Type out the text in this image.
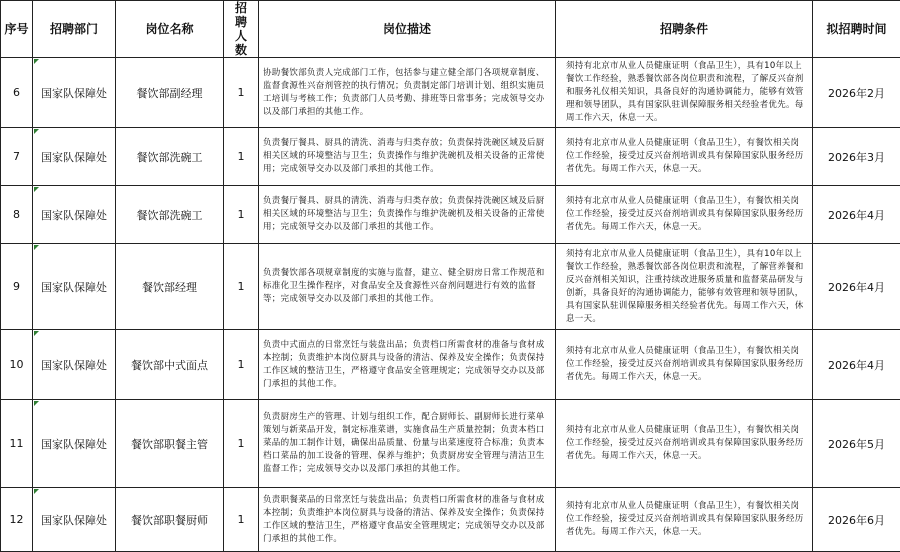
序号	招聘部门	岗位名称	招聘人数	岗位描述	招聘条件	拟招聘时间
6	国家队保障处	餐饮部副经理	1	协助餐饮部负责人完成部门工作，包括参与建立健全部门各项规章制度、监督食源性兴奋剂管控的执行情况；负责制定部门培训计划、组织实施员工培训与考核工作；负责部门人员考勤、排班等日常事务；完成领导交办以及部门承担的其他工作。	须持有北京市从业人员健康证明（食品卫生），具有10年以上餐饮工作经验，熟悉餐饮部各岗位职责和流程，了解反兴奋剂和服务礼仪相关知识，具备良好的沟通协调能力，能够有效管理和领导团队，具有国家队驻训保障服务相关经验者优先。每周工作六天，休息一天。	2026年2月
7	国家队保障处	餐饮部洗碗工	1	负责餐厅餐具、厨具的清洗、消毒与归类存放；负责保持洗碗区域及后厨相关区域的环境整洁与卫生；负责操作与维护洗碗机及相关设备的正常使用；完成领导交办以及部门承担的其他工作。	须持有北京市从业人员健康证明（食品卫生），有餐饮相关岗位工作经验，接受过反兴奋剂培训或具有保障国家队服务经历者优先。每周工作六天，休息一天。	2026年3月
8	国家队保障处	餐饮部洗碗工	1	负责餐厅餐具、厨具的清洗、消毒与归类存放；负责保持洗碗区域及后厨相关区域的环境整洁与卫生；负责操作与维护洗碗机及相关设备的正常使用；完成领导交办以及部门承担的其他工作。	须持有北京市从业人员健康证明（食品卫生），有餐饮相关岗位工作经验，接受过反兴奋剂培训或具有保障国家队服务经历者优先。每周工作六天，休息一天。	2026年4月
9	国家队保障处	餐饮部经理	1	负责餐饮部各项规章制度的实施与监督，建立、健全厨房日常工作规范和标准化卫生操作程序，对食品安全及食源性兴奋剂问题进行有效的监督等；完成领导交办以及部门承担的其他工作。	须持有北京市从业人员健康证明（食品卫生），具有10年以上餐饮工作经验，熟悉餐饮部各岗位职责和流程，了解营养餐和反兴奋剂相关知识，注重持续改进服务质量和监督菜品研发与创新，具备良好的沟通协调能力，能够有效管理和领导团队，具有国家队驻训保障服务相关经验者优先。每周工作六天，休息一天。	2026年4月
10	国家队保障处	餐饮部中式面点	1	负责中式面点的日常烹饪与装盘出品；负责档口所需食材的准备与食材成本控制；负责维护本岗位厨具与设备的清洁、保养及安全操作；负责保持工作区域的整洁卫生，严格遵守食品安全管理规定；完成领导交办以及部门承担的其他工作。	须持有北京市从业人员健康证明（食品卫生），有餐饮相关岗位工作经验，接受过反兴奋剂培训或具有保障国家队服务经历者优先。每周工作六天，休息一天。	2026年4月
11	国家队保障处	餐饮部职餐主管	1	负责厨房生产的管理、计划与组织工作，配合厨师长、副厨师长进行菜单策划与新菜品开发，制定标准菜谱，实施食品生产质量控制；负责本档口菜品的加工制作计划，确保出品质量、份量与出菜速度符合标准；负责本档口菜品的加工设备的管理、保养与维护；负责厨房安全管理与清洁卫生监督工作；完成领导交办以及部门承担的其他工作。	须持有北京市从业人员健康证明（食品卫生），有餐饮相关岗位工作经验，接受过反兴奋剂培训或具有保障国家队服务经历者优先。每周工作六天，休息一天。	2026年5月
12	国家队保障处	餐饮部职餐厨师	1	负责职餐菜品的日常烹饪与装盘出品；负责档口所需食材的准备与食材成本控制；负责维护本岗位厨具与设备的清洁、保养及安全操作；负责保持工作区域的整洁卫生，严格遵守食品安全管理规定；完成领导交办以及部门承担的其他工作。	须持有北京市从业人员健康证明（食品卫生），有餐饮相关岗位工作经验，接受过反兴奋剂培训或具有保障国家队服务经历者优先。每周工作六天，休息一天。	2026年6月
